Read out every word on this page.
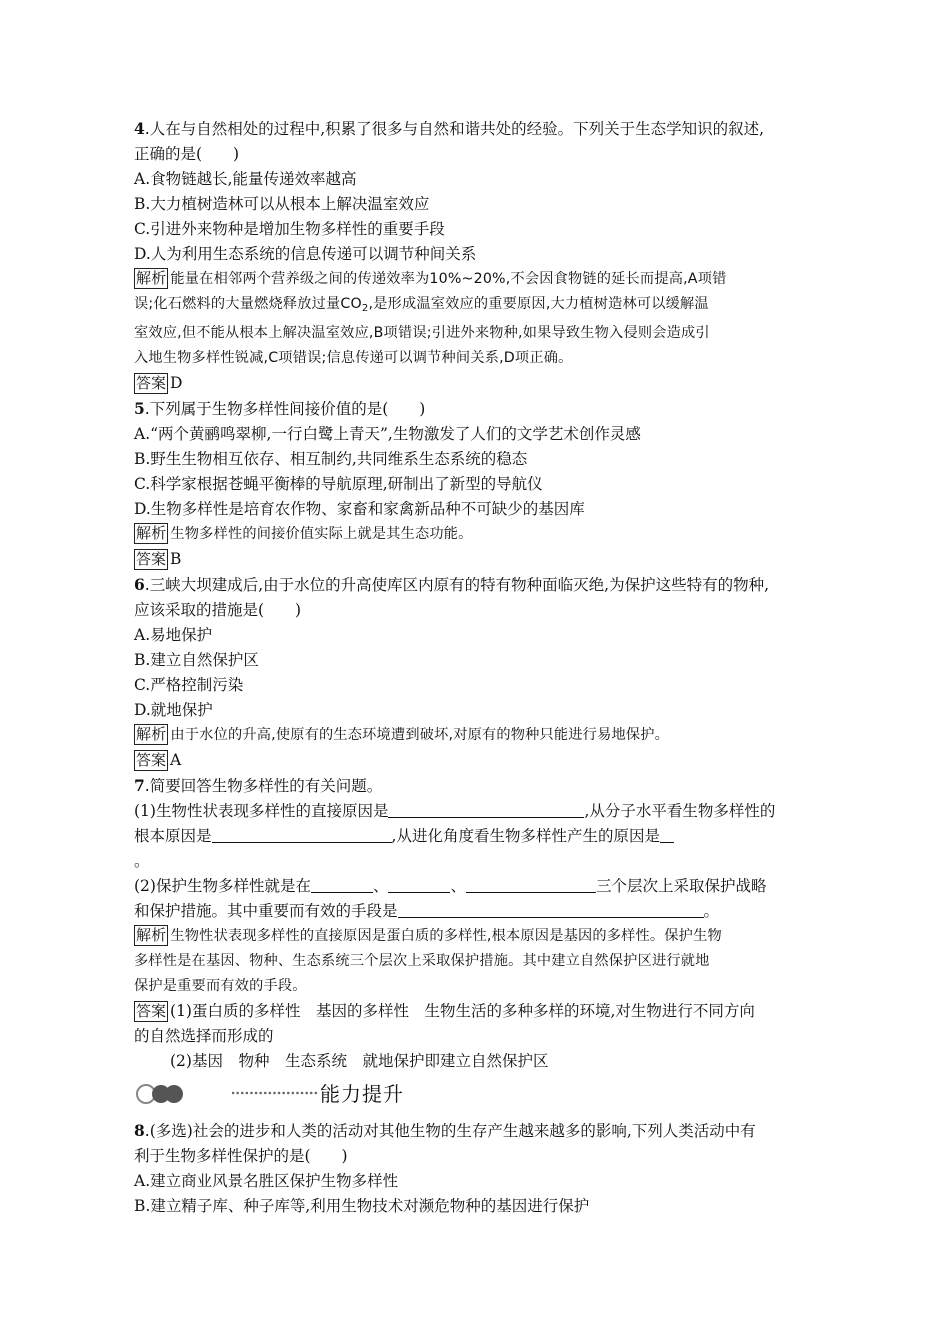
4.人在与自然相处的过程中,积累了很多与自然和谐共处的经验。下列关于生态学知识的叙述,
正确的是(　　)
A.食物链越长,能量传递效率越高
B.大力植树造林可以从根本上解决温室效应
C.引进外来物种是增加生物多样性的重要手段
D.人为利用生态系统的信息传递可以调节种间关系
解析 能量在相邻两个营养级之间的传递效率为10%~20%,不会因食物链的延长而提高,A项错
误;化石燃料的大量燃烧释放过量$CO_2$,是形成温室效应的重要原因,大力植树造林可以缓解温
室效应,但不能从根本上解决温室效应,B项错误;引进外来物种,如果导致生物入侵则会造成引
入地生物多样性锐减,C项错误;信息传递可以调节种间关系,D项正确。
答案 D
5.下列属于生物多样性间接价值的是(　　)
A.“两个黄鹂鸣翠柳,一行白鹭上青天”,生物激发了人们的文学艺术创作灵感
B.野生生物相互依存、相互制约,共同维系生态系统的稳态
C.科学家根据苍蝇平衡棒的导航原理,研制出了新型的导航仪
D.生物多样性是培育农作物、家畜和家禽新品种不可缺少的基因库
解析 生物多样性的间接价值实际上就是其生态功能。
答案 B
6.三峡大坝建成后,由于水位的升高使库区内原有的特有物种面临灭绝,为保护这些特有的物种,
应该采取的措施是(　　)
A.易地保护
B.建立自然保护区
C.严格控制污染
D.就地保护
解析 由于水位的升高,使原有的生态环境遭到破坏,对原有的物种只能进行易地保护。
答案 A
7.简要回答生物多样性的有关问题。
(1)生物性状表现多样性的直接原因是	,从分子水平看生物多样性的
根本原因是	,从进化角度看生物多样性产生的原因是
。
(2)保护生物多样性就是在	、	、	三个层次上采取保护战略
和保护措施。其中重要而有效的手段是	。
解析 生物性状表现多样性的直接原因是蛋白质的多样性,根本原因是基因的多样性。保护生物
多样性是在基因、物种、生态系统三个层次上采取保护措施。其中建立自然保护区进行就地
保护是重要而有效的手段。
答案 (1)蛋白质的多样性　基因的多样性　生物生活的多种多样的环境,对生物进行不同方向
的自然选择而形成的
(2)基因　物种　生态系统　就地保护即建立自然保护区
能力提升
8.(多选)社会的进步和人类的活动对其他生物的生存产生越来越多的影响,下列人类活动中有
利于生物多样性保护的是(　　)
A.建立商业风景名胜区保护生物多样性
B.建立精子库、种子库等,利用生物技术对濒危物种的基因进行保护
